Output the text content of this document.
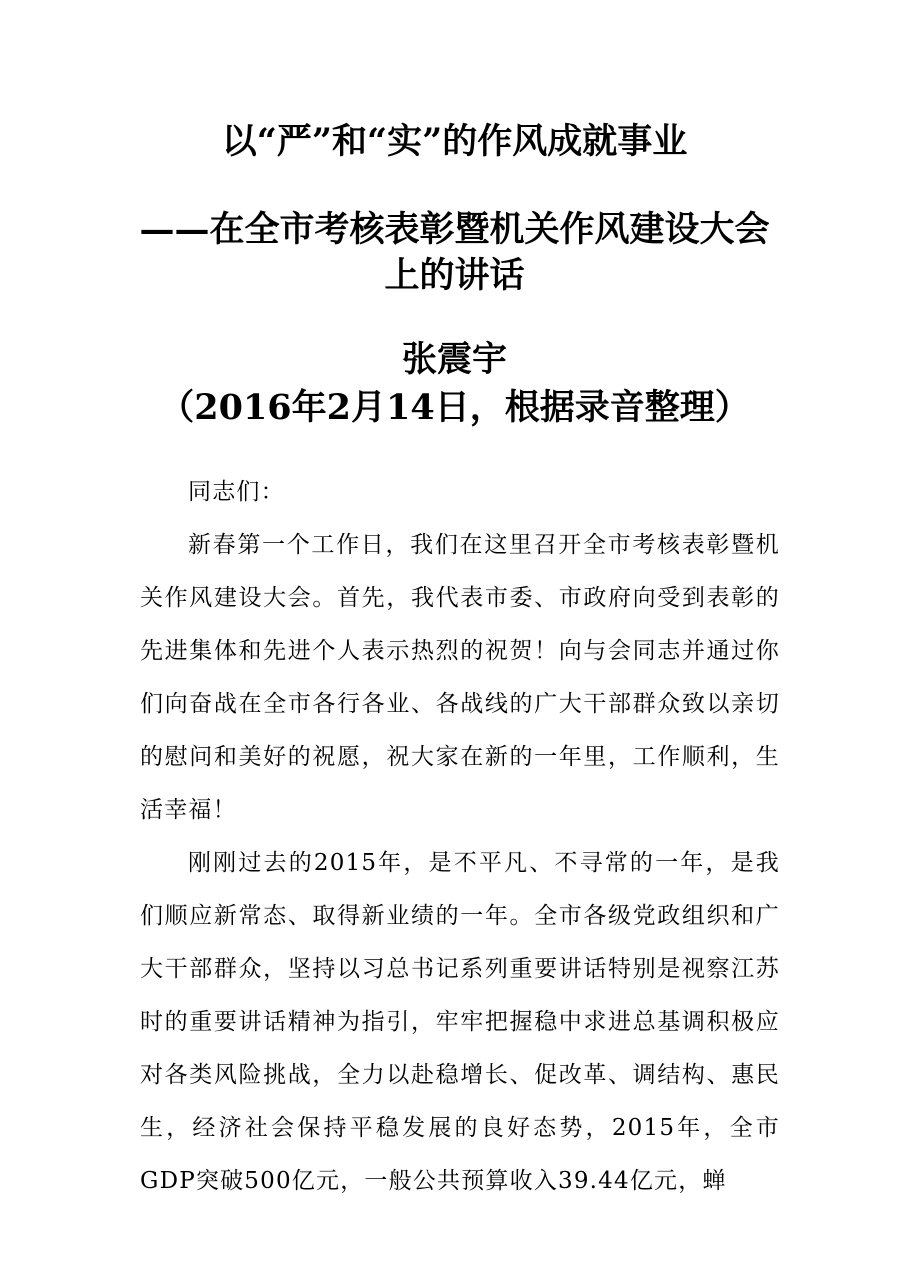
以“严”和“实”的作风成就事业
——在全市考核表彰暨机关作风建设大会
上的讲话
张震宇
（2016年2月14日，根据录音整理）

同志们：

新春第一个工作日，我们在这里召开全市考核表彰暨机关作风建设大会。首先，我代表市委、市政府向受到表彰的先进集体和先进个人表示热烈的祝贺！向与会同志并通过你们向奋战在全市各行各业、各战线的广大干部群众致以亲切的慰问和美好的祝愿，祝大家在新的一年里，工作顺利，生活幸福！

刚刚过去的2015年，是不平凡、不寻常的一年，是我们顺应新常态、取得新业绩的一年。全市各级党政组织和广大干部群众，坚持以习总书记系列重要讲话特别是视察江苏时的重要讲话精神为指引，牢牢把握稳中求进总基调积极应对各类风险挑战，全力以赴稳增长、促改革、调结构、惠民生，经济社会保持平稳发展的良好态势，2015年，全市GDP突破500亿元，一般公共预算收入39.44亿元，蝉
